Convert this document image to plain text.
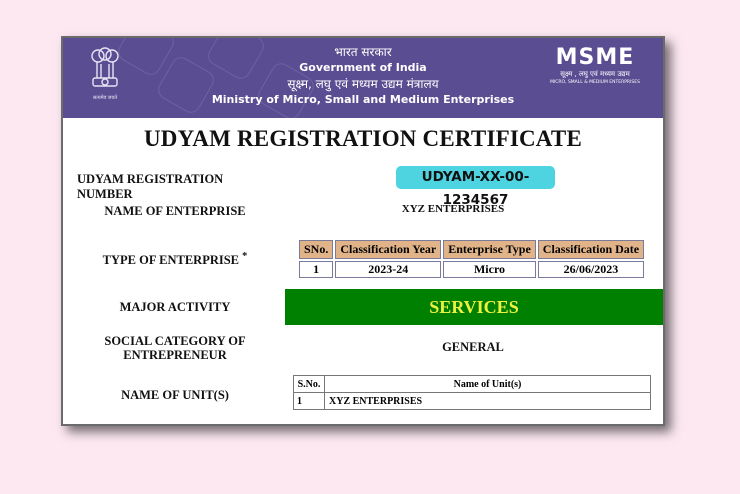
सत्यमेव जयते
भारत सरकार
Government of India
सूक्ष्म, लघु एवं मध्यम उद्यम मंत्रालय
Ministry of Micro, Small and Medium Enterprises
MSME
सूक्ष्म , लघु एवं मध्यम उद्यम
MICRO, SMALL & MEDIUM ENTERPRISES
UDYAM REGISTRATION CERTIFICATE
UDYAM REGISTRATION NUMBER
UDYAM-XX-00-1234567
NAME OF ENTERPRISE	XYZ ENTERPRISES
TYPE OF ENTERPRISE *
SNo.	Classification Year	Enterprise Type	Classification Date
1	2023-24	Micro	26/06/2023
MAJOR ACTIVITY	SERVICES
SOCIAL CATEGORY OF
ENTREPRENEUR
GENERAL
NAME OF UNIT(S)
S.No.	Name of Unit(s)
1	XYZ ENTERPRISES
